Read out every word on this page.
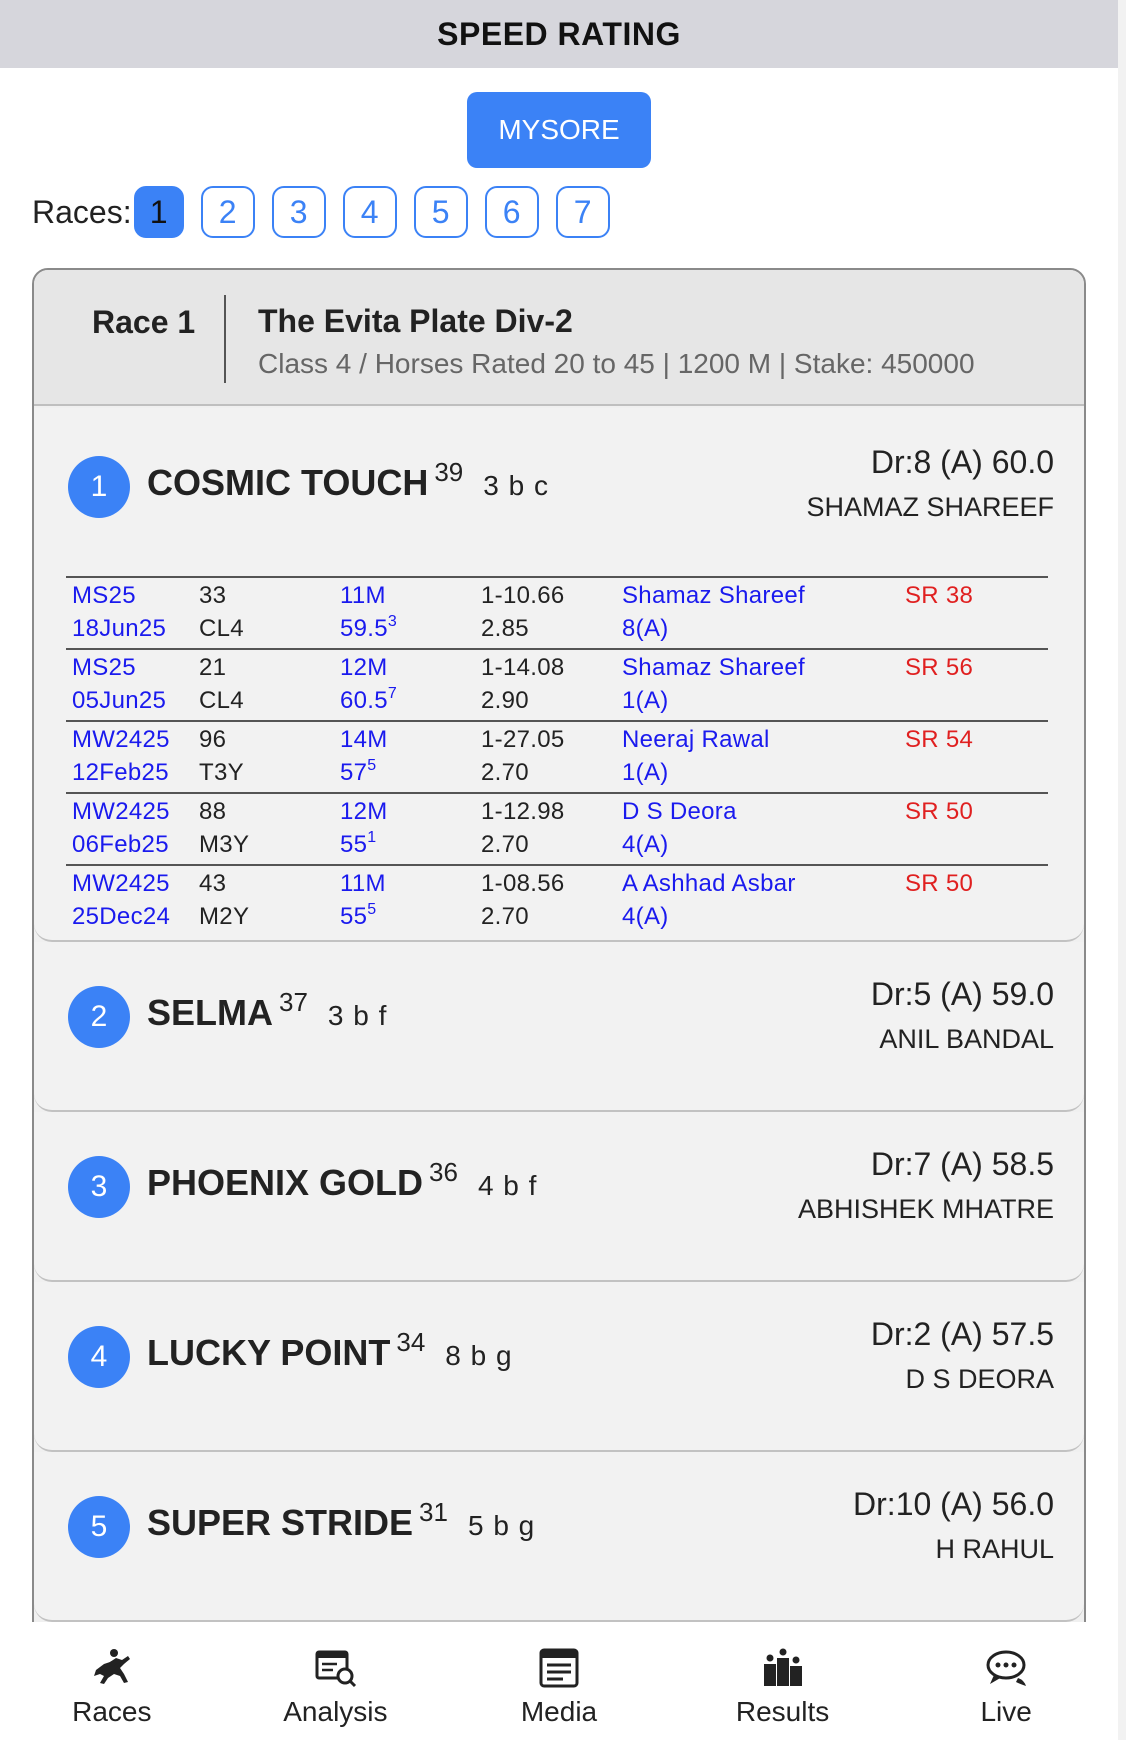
SPEED RATING
MYSORE
Races: 1	2	3	4	5	6	7
Race 1 The Evita Plate Div-2
Class 4 / Horses Rated 20 to 45 | 1200 M | Stake: 450000
1	COSMIC TOUCH $^{39}$ 3 b c
Dr:8 (A) 60.0
SHAMAZ SHAREEF
MS25	33	11M	1-10.66	Shamaz Shareef	SR 38
18Jun25	CL4	59.5$^3$	2.85	8(A)	
MS25	21	12M	1-14.08	Shamaz Shareef	SR 56
05Jun25	CL4	60.5$^7$	2.90	1(A)	
MW2425	96	14M	1-27.05	Neeraj Rawal	SR 54
12Feb25	T3Y	$57^5$	2.70	1(A)	
MW2425	88	12M	1-12.98	D S Deora	SR 50
06Feb25	M3Y	$55^1$	2.70	4(A)	
MW2425	43	11M	1-08.56	A Ashhad Asbar	SR 50
25Dec24	M2Y	$55^5$	2.70	4(A)	
2	SELMA $^{37}$ 3 b f
Dr:5 (A) 59.0
ANIL BANDAL
3	PHOENIX GOLD $^{36}$ 4 b f
Dr:7 (A) 58.5
ABHISHEK MHATRE
4	LUCKY POINT $^{34}$ 8 b g
Dr:2 (A) 57.5
D S DEORA
5	SUPER STRIDE $^{31}$ 5 b g
Dr:10 (A) 56.0
H RAHUL
Races	Analysis	Media	Results	Live
